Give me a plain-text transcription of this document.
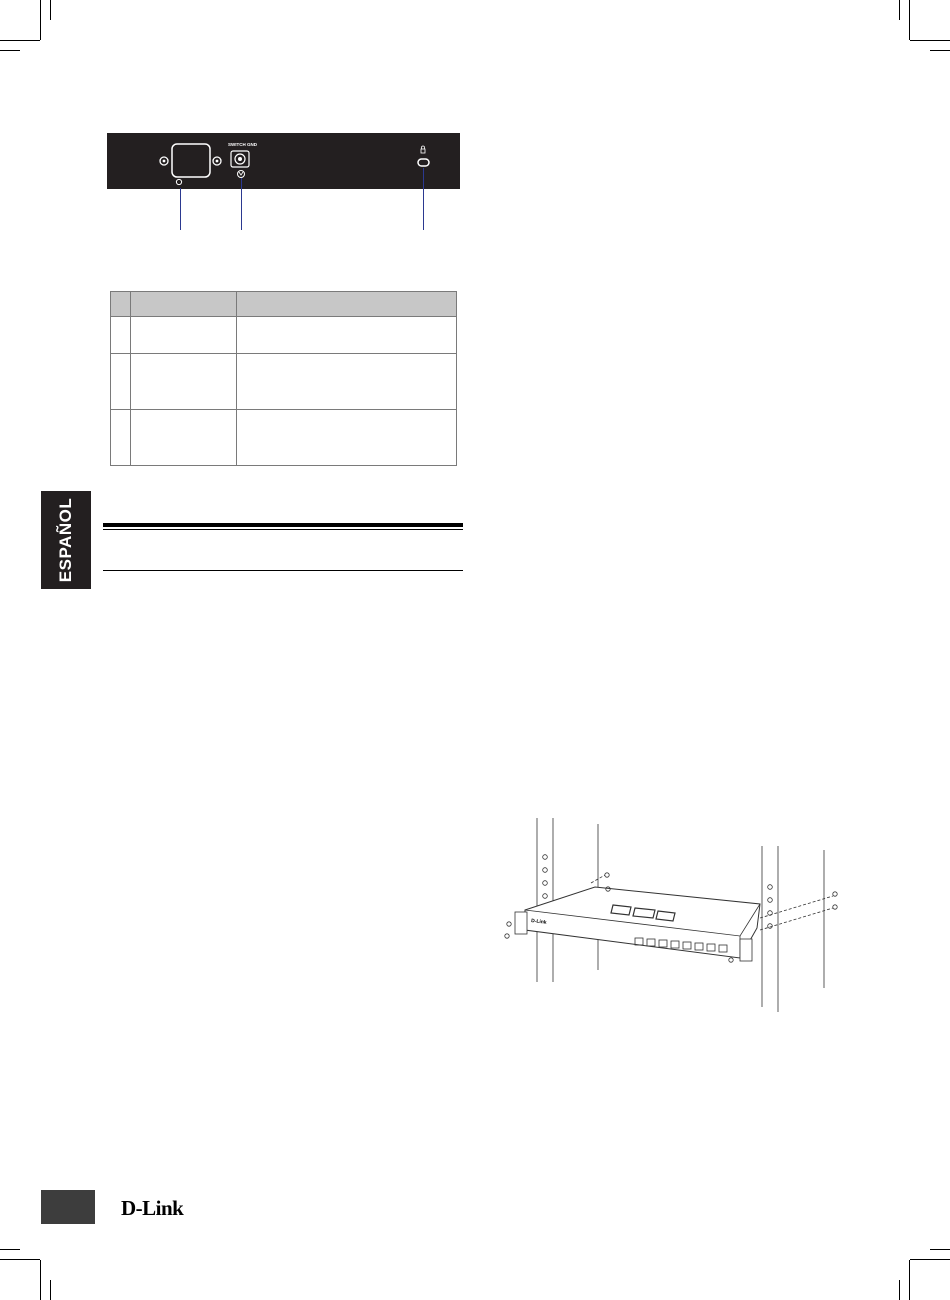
SWITCH GND

ESPAÑOL
D-Link
D-Link
